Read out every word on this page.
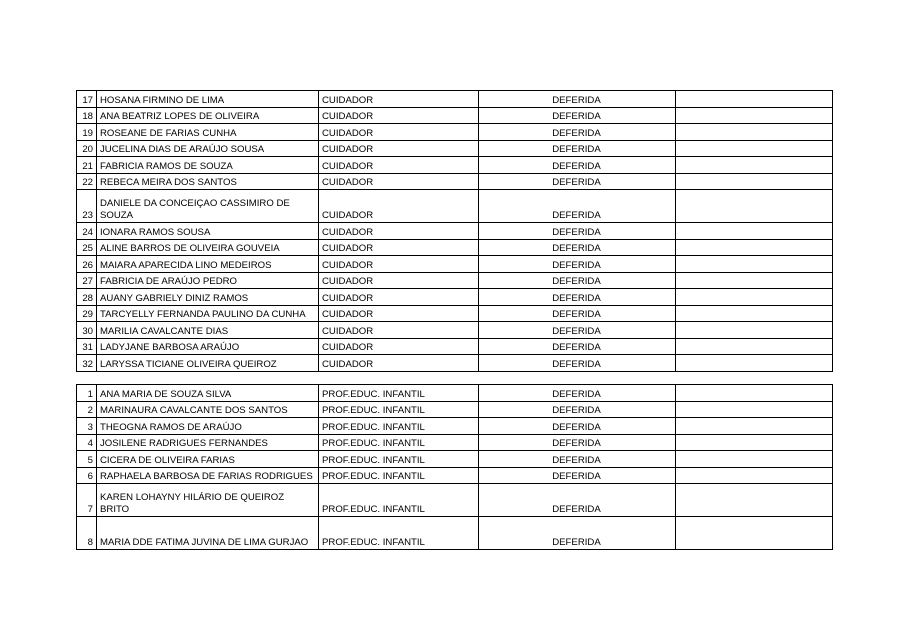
17	HOSANA FIRMINO DE LIMA	CUIDADOR	DEFERIDA	
18	ANA BEATRIZ LOPES DE OLIVEIRA	CUIDADOR	DEFERIDA	
19	ROSEANE DE FARIAS CUNHA	CUIDADOR	DEFERIDA	
20	JUCELINA DIAS DE ARAÚJO SOUSA	CUIDADOR	DEFERIDA	
21	FABRICIA RAMOS DE SOUZA	CUIDADOR	DEFERIDA	
22	REBECA MEIRA DOS SANTOS	CUIDADOR	DEFERIDA	
23	DANIELE DA CONCEIÇAO CASSIMIRO DE SOUZA	CUIDADOR	DEFERIDA	
24	IONARA RAMOS SOUSA	CUIDADOR	DEFERIDA	
25	ALINE BARROS DE OLIVEIRA GOUVEIA	CUIDADOR	DEFERIDA	
26	MAIARA APARECIDA LINO MEDEIROS	CUIDADOR	DEFERIDA	
27	FABRICIA DE ARAÚJO PEDRO	CUIDADOR	DEFERIDA	
28	AUANY GABRIELY DINIZ RAMOS	CUIDADOR	DEFERIDA	
29	TARCYELLY FERNANDA PAULINO DA CUNHA	CUIDADOR	DEFERIDA	
30	MARILIA CAVALCANTE DIAS	CUIDADOR	DEFERIDA	
31	LADYJANE BARBOSA ARAÚJO	CUIDADOR	DEFERIDA	
32	LARYSSA TICIANE OLIVEIRA QUEIROZ	CUIDADOR	DEFERIDA	
1	ANA MARIA DE SOUZA SILVA	PROF.EDUC. INFANTIL	DEFERIDA	
2	MARINAURA CAVALCANTE DOS SANTOS	PROF.EDUC. INFANTIL	DEFERIDA	
3	THEOGNA RAMOS DE ARAÚJO	PROF.EDUC. INFANTIL	DEFERIDA	
4	JOSILENE RADRIGUES FERNANDES	PROF.EDUC. INFANTIL	DEFERIDA	
5	CICERA DE OLIVEIRA FARIAS	PROF.EDUC. INFANTIL	DEFERIDA	
6	RAPHAELA BARBOSA DE FARIAS RODRIGUES	PROF.EDUC. INFANTIL	DEFERIDA	
7	KAREN LOHAYNY HILÁRIO DE QUEIROZ BRITO	PROF.EDUC. INFANTIL	DEFERIDA	
8	MARIA DDE FATIMA JUVINA DE LIMA GURJAO	PROF.EDUC. INFANTIL	DEFERIDA	
